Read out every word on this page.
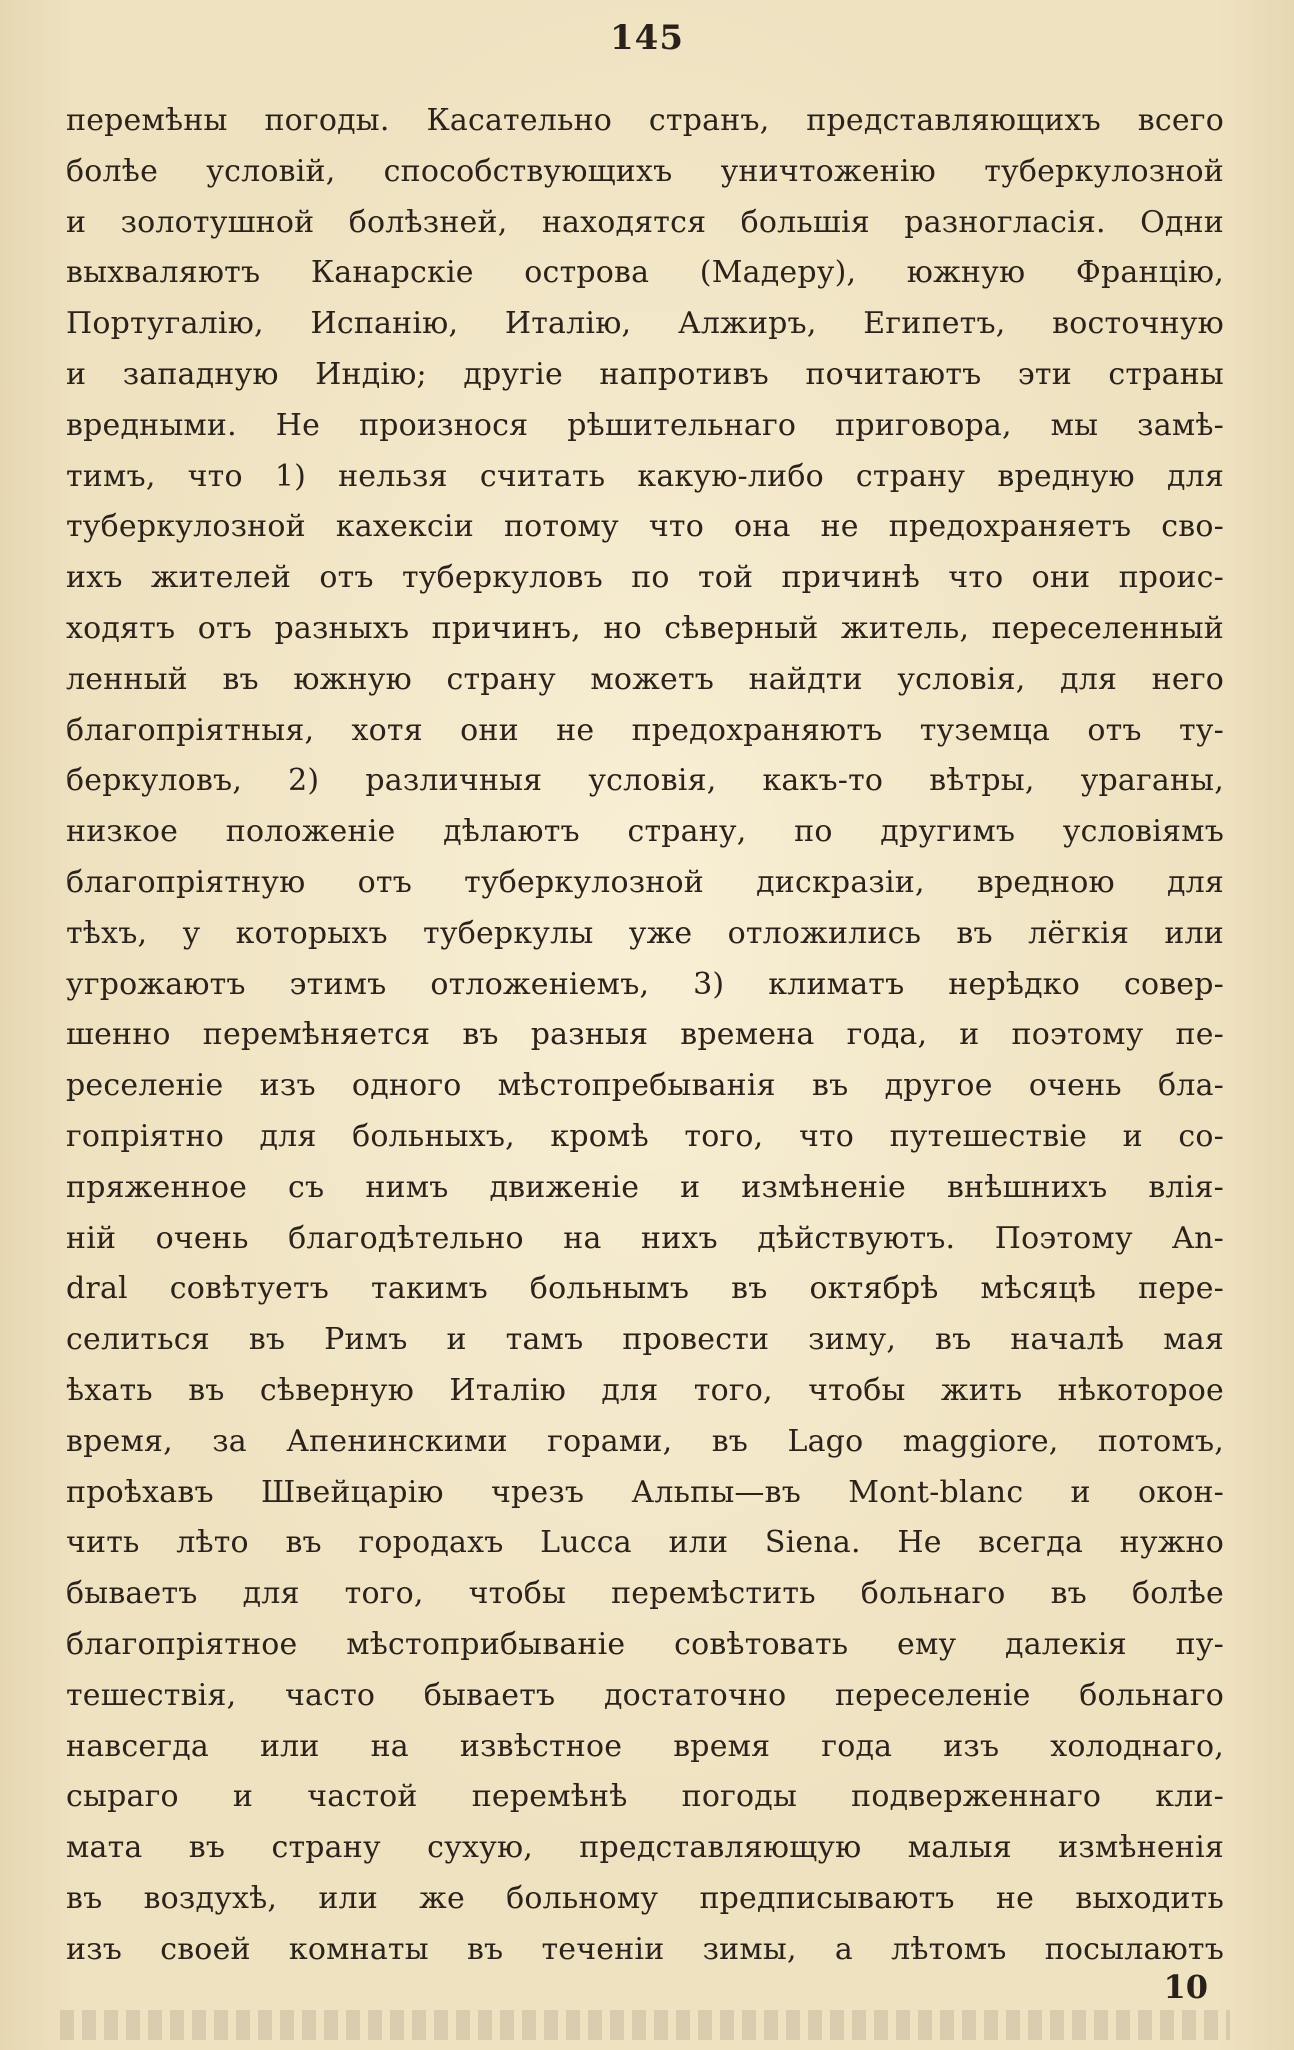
145
перемѣны погоды. Касательно странъ, представляющихъ всего
болѣе условій, способствующихъ уничтоженію туберкулозной
и золотушной болѣзней, находятся большія разногласія. Одни
выхваляютъ Канарскіе острова (Мадеру), южную Францію,
Португалію, Испанію, Италію, Алжиръ, Египетъ, восточную
и западную Индію; другіе напротивъ почитаютъ эти страны
вредными. Не произнося рѣшительнаго приговора, мы замѣ-
тимъ, что 1) нельзя считать какую-либо страну вредную для
туберкулозной кахексіи потому что она не предохраняетъ сво-
ихъ жителей отъ туберкуловъ по той причинѣ что они проис-
ходятъ отъ разныхъ причинъ, но сѣверный житель, переселенный
ленный въ южную страну можетъ найдти условія, для него
благопріятныя, хотя они не предохраняютъ туземца отъ ту-
беркуловъ, 2) различныя условія, какъ-то вѣтры, ураганы,
низкое положеніе дѣлаютъ страну, по другимъ условіямъ
благопріятную отъ туберкулозной дискразіи, вредною для
тѣхъ, у которыхъ туберкулы уже отложились въ лёгкія или
угрожаютъ этимъ отложеніемъ, 3) климатъ нерѣдко совер-
шенно перемѣняется въ разныя времена года, и поэтому пе-
реселеніе изъ одного мѣстопребыванія въ другое очень бла-
гопріятно для больныхъ, кромѣ того, что путешествіе и со-
пряженное съ нимъ движеніе и измѣненіе внѣшнихъ влія-
ній очень благодѣтельно на нихъ дѣйствуютъ. Поэтому An-
dral совѣтуетъ такимъ больнымъ въ октябрѣ мѣсяцѣ пере-
селиться въ Римъ и тамъ провести зиму, въ началѣ мая
ѣхать въ сѣверную Италію для того, чтобы жить нѣкоторое
время, за Апенинскими горами, въ Lago maggiore, потомъ,
проѣхавъ Швейцарію чрезъ Альпы—въ Mont-blanc и окон-
чить лѣто въ городахъ Lucca или Siena. Не всегда нужно
бываетъ для того, чтобы перемѣстить больнаго въ болѣе
благопріятное мѣстоприбываніе совѣтовать ему далекія пу-
тешествія, часто бываетъ достаточно переселеніе больнаго
навсегда или на извѣстное время года изъ холоднаго,
сыраго и частой перемѣнѣ погоды подверженнаго кли-
мата въ страну сухую, представляющую малыя измѣненія
въ воздухѣ, или же больному предписываютъ не выходить
изъ своей комнаты въ теченіи зимы, а лѣтомъ посылаютъ
10
